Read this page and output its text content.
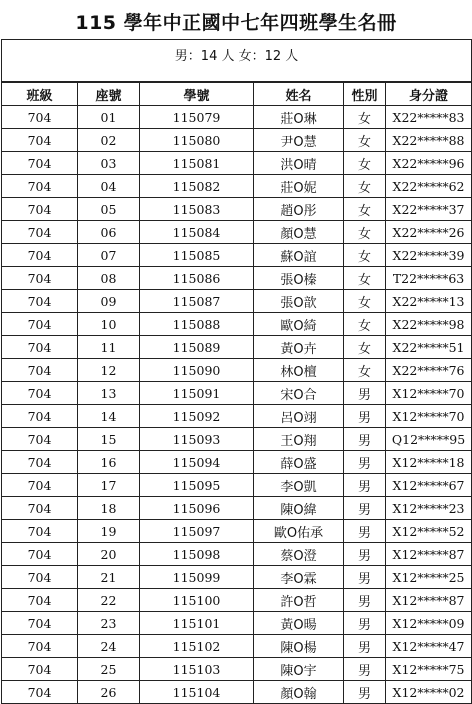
115 學年中正國中七年四班學生名冊
男：14 人 女：12 人					
班級	座號	學號	姓名	性別	身分證
704	01	115079	莊O琳	女	X22*****83
704	02	115080	尹O慧	女	X22*****88
704	03	115081	洪O晴	女	X22*****96
704	04	115082	莊O妮	女	X22*****62
704	05	115083	趙O彤	女	X22*****37
704	06	115084	顏O慧	女	X22*****26
704	07	115085	蘇O誼	女	X22*****39
704	08	115086	張O榛	女	T22*****63
704	09	115087	張O歆	女	X22*****13
704	10	115088	歐O綺	女	X22*****98
704	11	115089	黃O卉	女	X22*****51
704	12	115090	林O檀	女	X22*****76
704	13	115091	宋O合	男	X12*****70
704	14	115092	呂O翊	男	X12*****70
704	15	115093	王O翔	男	Q12*****95
704	16	115094	薛O盛	男	X12*****18
704	17	115095	李O凱	男	X12*****67
704	18	115096	陳O緯	男	X12*****23
704	19	115097	歐O佑承	男	X12*****52
704	20	115098	蔡O澄	男	X12*****87
704	21	115099	李O霖	男	X12*****25
704	22	115100	許O哲	男	X12*****87
704	23	115101	黃O暘	男	X12*****09
704	24	115102	陳O楊	男	X12*****47
704	25	115103	陳O宇	男	X12*****75
704	26	115104	顏O翰	男	X12*****02
